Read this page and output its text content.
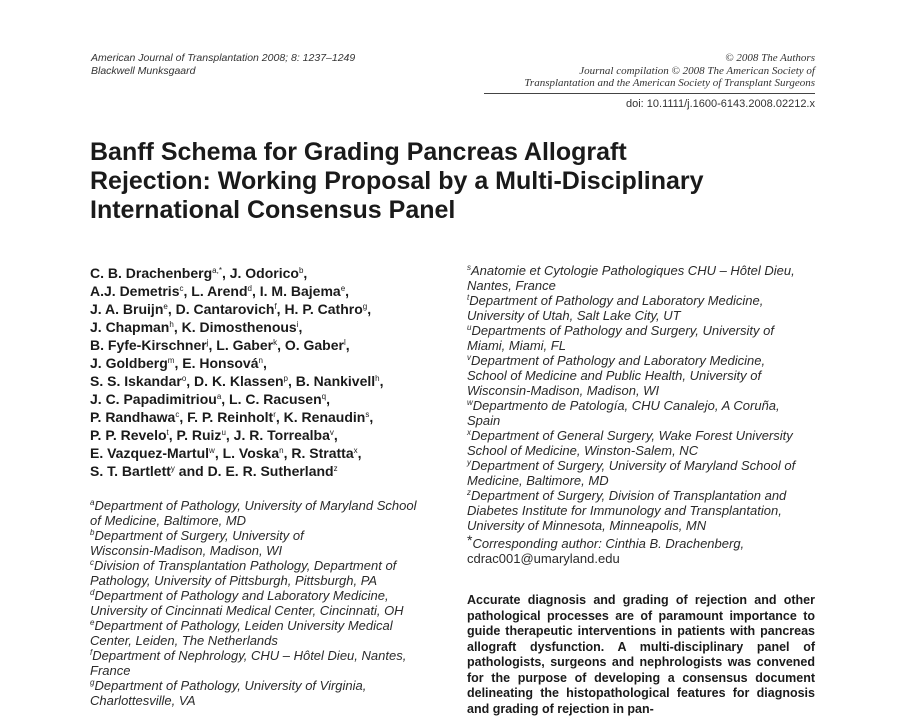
American Journal of Transplantation 2008; 8: 1237–1249
Blackwell Munksgaard
© 2008 The Authors
Journal compilation © 2008 The American Society of
Transplantation and the American Society of Transplant Surgeons
doi: 10.1111/j.1600-6143.2008.02212.x
Banff Schema for Grading Pancreas Allograft
Rejection: Working Proposal by a Multi-Disciplinary
International Consensus Panel
C. B. Drachenberg$^{a,*}$, J. Odorico$^b$,
A.J. Demetris$^c$, L. Arend$^d$, I. M. Bajema$^e$,
J. A. Bruijn$^e$, D. Cantarovich$^f$, H. P. Cathro$^g$,
J. Chapman$^h$, K. Dimosthenous$^i$,
B. Fyfe-Kirschner$^j$, L. Gaber$^k$, O. Gaber$^l$,
J. Goldberg$^m$, E. Honsová$^n$,
S. S. Iskandar$^o$, D. K. Klassen$^p$, B. Nankivell$^h$,
J. C. Papadimitriou$^a$, L. C. Racusen$^q$,
P. Randhawa$^c$, F. P. Reinholt$^r$, K. Renaudin$^s$,
P. P. Revelo$^t$, P. Ruiz$^u$, J. R. Torrealba$^v$,
E. Vazquez-Martul$^w$, L. Voska$^n$, R. Stratta$^x$,
S. T. Bartlett$^y$ and D. E. R. Sutherland$^z$
$^a$Department of Pathology, University of Maryland School
of Medicine, Baltimore, MD
$^b$Department of Surgery, University of
Wisconsin-Madison, Madison, WI
$^c$Division of Transplantation Pathology, Department of
Pathology, University of Pittsburgh, Pittsburgh, PA
$^d$Department of Pathology and Laboratory Medicine,
University of Cincinnati Medical Center, Cincinnati, OH
$^e$Department of Pathology, Leiden University Medical
Center, Leiden, The Netherlands
$^f$Department of Nephrology, CHU – Hôtel Dieu, Nantes,
France
$^g$Department of Pathology, University of Virginia,
Charlottesville, VA
$^s$Anatomie et Cytologie Pathologiques CHU – Hôtel Dieu,
Nantes, France
$^t$Department of Pathology and Laboratory Medicine,
University of Utah, Salt Lake City, UT
$^u$Departments of Pathology and Surgery, University of
Miami, Miami, FL
$^v$Department of Pathology and Laboratory Medicine,
School of Medicine and Public Health, University of
Wisconsin-Madison, Madison, WI
$^w$Departmento de Patología, CHU Canalejo, A Coruña,
Spain
$^x$Department of General Surgery, Wake Forest University
School of Medicine, Winston-Salem, NC
$^y$Department of Surgery, University of Maryland School of
Medicine, Baltimore, MD
$^z$Department of Surgery, Division of Transplantation and
Diabetes Institute for Immunology and Transplantation,
University of Minnesota, Minneapolis, MN
*Corresponding author: Cinthia B. Drachenberg,
cdrac001@umaryland.edu

Accurate diagnosis and grading of rejection and other pathological processes are of paramount importance to guide therapeutic interventions in patients with pancreas allograft dysfunction. A multi-disciplinary panel of pathologists, surgeons and nephrologists was convened for the purpose of developing a consensus document delineating the histopathological features for diagnosis and grading of rejection in pan-
